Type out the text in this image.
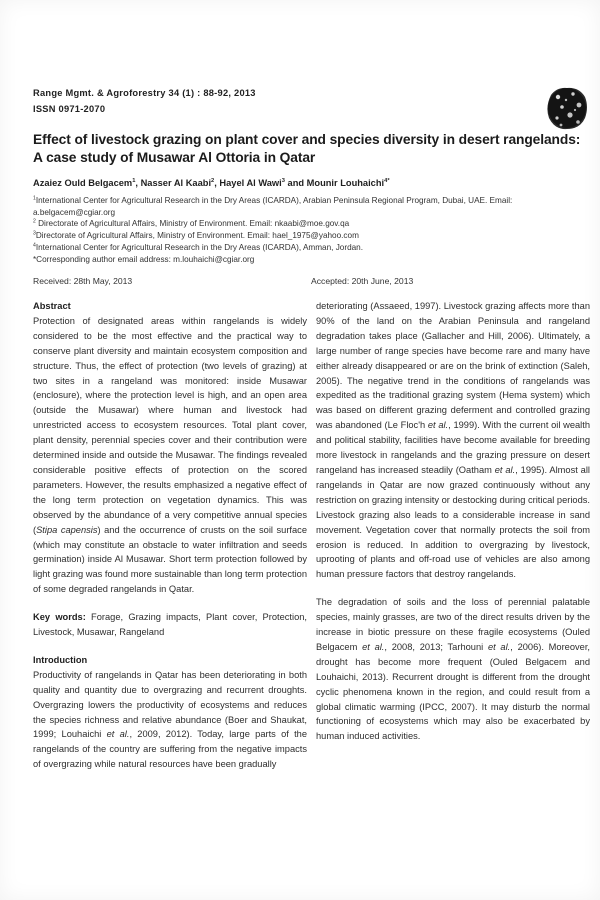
Range Mgmt. & Agroforestry 34 (1) : 88-92, 2013
ISSN 0971-2070
Effect of livestock grazing on plant cover and species diversity in desert rangelands:
A case study of Musawar Al Ottoria in Qatar
Azaiez Ould Belgacem$^1$, Nasser Al Kaabi$^2$, Hayel Al Wawi$^3$ and Mounir Louhaichi$^{4*}$
$^1$International Center for Agricultural Research in the Dry Areas (ICARDA), Arabian Peninsula Regional Program, Dubai, UAE. Email: a.belgacem@cgiar.org
$^2$ Directorate of Agricultural Affairs, Ministry of Environment. Email: nkaabi@moe.gov.qa
$^3$Directorate of Agricultural Affairs, Ministry of Environment. Email: hael_1975@yahoo.com
$^4$International Center for Agricultural Research in the Dry Areas (ICARDA), Amman, Jordan.
*Corresponding author email address: m.louhaichi@cgiar.org
Received: 28th May, 2013	Accepted: 20th June, 2013
Abstract

Protection of designated areas within rangelands is widely considered to be the most effective and the practical way to conserve plant diversity and maintain ecosystem composition and structure. Thus, the effect of protection (two levels of grazing) at two sites in a rangeland was monitored: inside Musawar (enclosure), where the protection level is high, and an open area (outside the Musawar) where human and livestock had unrestricted access to ecosystem resources. Total plant cover, plant density, perennial species cover and their contribution were determined inside and outside the Musawar. The findings revealed considerable positive effects of protection on the scored parameters. However, the results emphasized a negative effect of the long term protection on vegetation dynamics. This was observed by the abundance of a very competitive annual species (Stipa capensis) and the occurrence of crusts on the soil surface (which may constitute an obstacle to water infiltration and seeds germination) inside Al Musawar. Short term protection followed by light grazing was found more sustainable than long term protection of some degraded rangelands in Qatar.

Key words: Forage, Grazing impacts, Plant cover, Protection, Livestock, Musawar, Rangeland

Introduction

Productivity of rangelands in Qatar has been deteriorating in both quality and quantity due to overgrazing and recurrent droughts. Overgrazing lowers the productivity of ecosystems and reduces the species richness and relative abundance (Boer and Shaukat, 1999; Louhaichi et al., 2009, 2012). Today, large parts of the rangelands of the country are suffering from the negative impacts of overgrazing while natural resources have been gradually

deteriorating (Assaeed, 1997). Livestock grazing affects more than 90% of the land on the Arabian Peninsula and rangeland degradation takes place (Gallacher and Hill, 2006). Ultimately, a large number of range species have become rare and many have either already disappeared or are on the brink of extinction (Saleh, 2005). The negative trend in the conditions of rangelands was expedited as the traditional grazing system (Hema system) which was based on different grazing deferment and controlled grazing was abandoned (Le Floc'h et al., 1999). With the current oil wealth and political stability, facilities have become available for breeding more livestock in rangelands and the grazing pressure on desert rangeland has increased steadily (Oatham et al., 1995). Almost all rangelands in Qatar are now grazed continuously without any restriction on grazing intensity or destocking during critical periods. Livestock grazing also leads to a considerable increase in sand movement. Vegetation cover that normally protects the soil from erosion is reduced. In addition to overgrazing by livestock, uprooting of plants and off-road use of vehicles are also among human pressure factors that destroy rangelands.

The degradation of soils and the loss of perennial palatable species, mainly grasses, are two of the direct results driven by the increase in biotic pressure on these fragile ecosystems (Ouled Belgacem et al., 2008, 2013; Tarhouni et al., 2006). Moreover, drought has become more frequent (Ouled Belgacem and Louhaichi, 2013). Recurrent drought is different from the drought cyclic phenomena known in the region, and could result from a global climatic warming (IPCC, 2007). It may disturb the normal functioning of ecosystems which may also be exacerbated by human induced activities.
